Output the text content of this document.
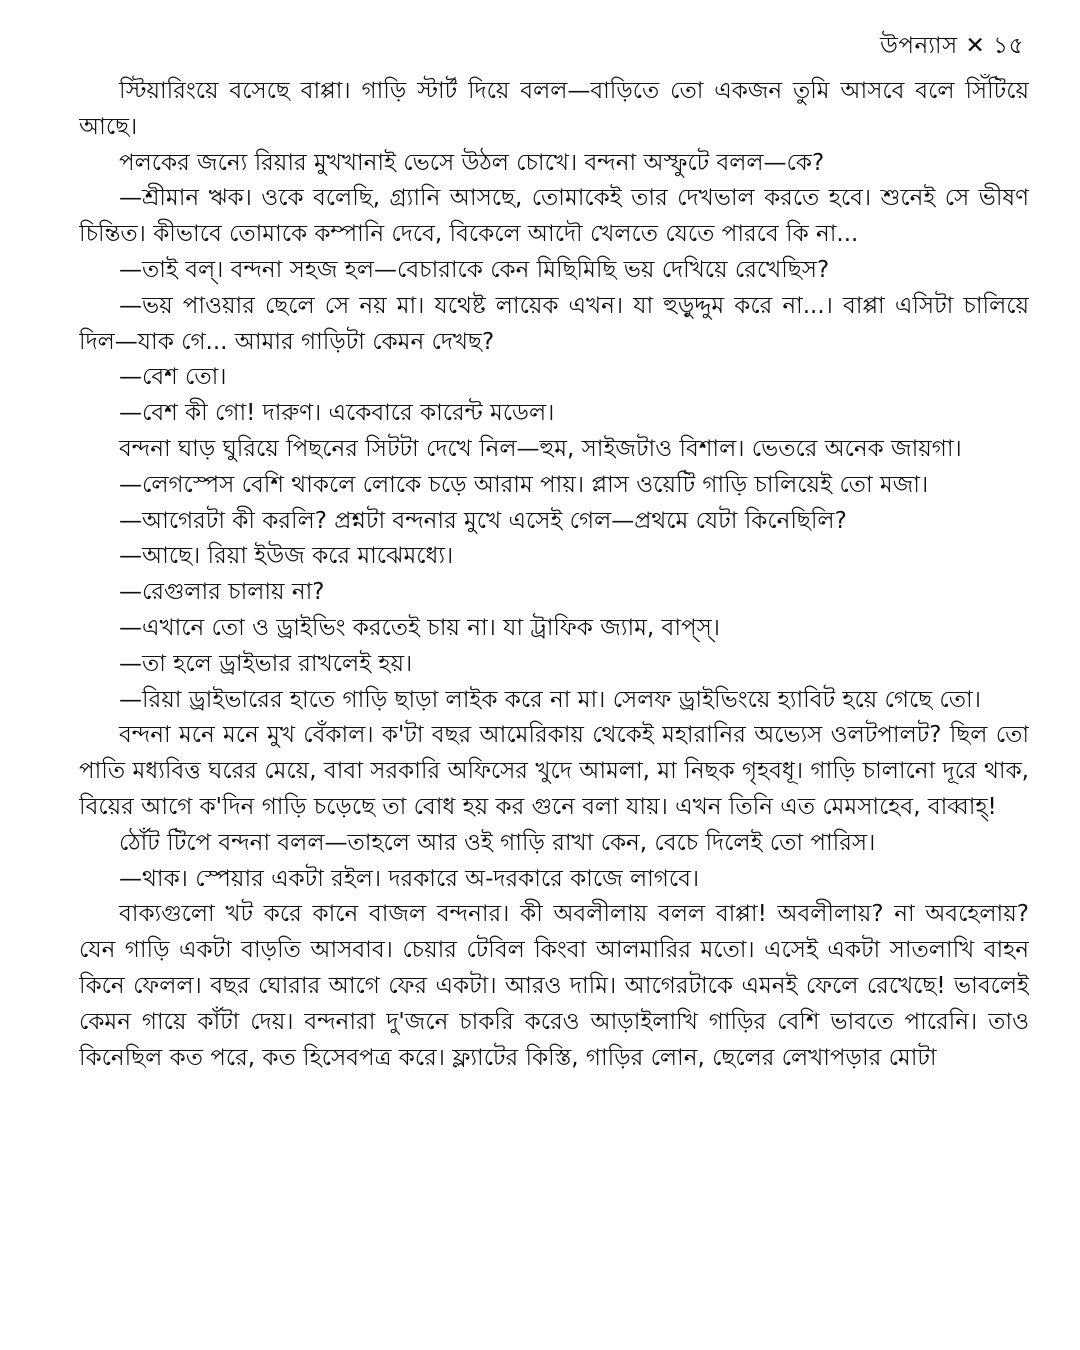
উপন্যাস ✕ ১৫

স্টিয়ারিংয়ে বসেছে বাপ্পা। গাড়ি স্টার্ট দিয়ে বলল—বাড়িতে তো একজন তুমি আসবে বলে সিঁটিয়ে আছে।

পলকের জন্যে রিয়ার মুখখানাই ভেসে উঠল চোখে। বন্দনা অস্ফুটে বলল—কে?

—শ্রীমান ঋক। ওকে বলেছি, গ্র্যানি আসছে, তোমাকেই তার দেখভাল করতে হবে। শুনেই সে ভীষণ চিন্তিত। কীভাবে তোমাকে কম্পানি দেবে, বিকেলে আদৌ খেলতে যেতে পারবে কি না...

—তাই বল্। বন্দনা সহজ হল—বেচারাকে কেন মিছিমিছি ভয় দেখিয়ে রেখেছিস?

—ভয় পাওয়ার ছেলে সে নয় মা। যথেষ্ট লায়েক এখন। যা হুড়ুদ্দুম করে না...। বাপ্পা এসিটা চালিয়ে দিল—যাক গে... আমার গাড়িটা কেমন দেখছ?

—বেশ তো।

—বেশ কী গো! দারুণ। একেবারে কারেন্ট মডেল।

বন্দনা ঘাড় ঘুরিয়ে পিছনের সিটটা দেখে নিল—হুম, সাইজটাও বিশাল। ভেতরে অনেক জায়গা।

—লেগস্পেস বেশি থাকলে লোকে চড়ে আরাম পায়। প্লাস ওয়েটি গাড়ি চালিয়েই তো মজা।

—আগেরটা কী করলি? প্রশ্নটা বন্দনার মুখে এসেই গেল—প্রথমে যেটা কিনেছিলি?

—আছে। রিয়া ইউজ করে মাঝেমধ্যে।

—রেগুলার চালায় না?

—এখানে তো ও ড্রাইভিং করতেই চায় না। যা ট্রাফিক জ্যাম, বাপ্স্।

—তা হলে ড্রাইভার রাখলেই হয়।

—রিয়া ড্রাইভারের হাতে গাড়ি ছাড়া লাইক করে না মা। সেলফ ড্রাইভিংয়ে হ্যাবিট হয়ে গেছে তো।

বন্দনা মনে মনে মুখ বেঁকাল। ক'টা বছর আমেরিকায় থেকেই মহারানির অভ্যেস ওলটপালট? ছিল তো পাতি মধ্যবিত্ত ঘরের মেয়ে, বাবা সরকারি অফিসের খুদে আমলা, মা নিছক গৃহবধূ। গাড়ি চালানো দূরে থাক, বিয়ের আগে ক'দিন গাড়ি চড়েছে তা বোধ হয় কর গুনে বলা যায়। এখন তিনি এত মেমসাহেব, বাব্বাহ্!

ঠোঁট টিপে বন্দনা বলল—তাহলে আর ওই গাড়ি রাখা কেন, বেচে দিলেই তো পারিস।

—থাক। স্পেয়ার একটা রইল। দরকারে অ-দরকারে কাজে লাগবে।

বাক্যগুলো খট করে কানে বাজল বন্দনার। কী অবলীলায় বলল বাপ্পা! অবলীলায়? না অবহেলায়? যেন গাড়ি একটা বাড়তি আসবাব। চেয়ার টেবিল কিংবা আলমারির মতো। এসেই একটা সাতলাখি বাহন কিনে ফেলল। বছর ঘোরার আগে ফের একটা। আরও দামি। আগেরটাকে এমনই ফেলে রেখেছে! ভাবলেই কেমন গায়ে কাঁটা দেয়। বন্দনারা দু'জনে চাকরি করেও আড়াইলাখি গাড়ির বেশি ভাবতে পারেনি। তাও কিনেছিল কত পরে, কত হিসেবপত্র করে। ফ্ল্যাটের কিস্তি, গাড়ির লোন, ছেলের লেখাপড়ার মোটা
